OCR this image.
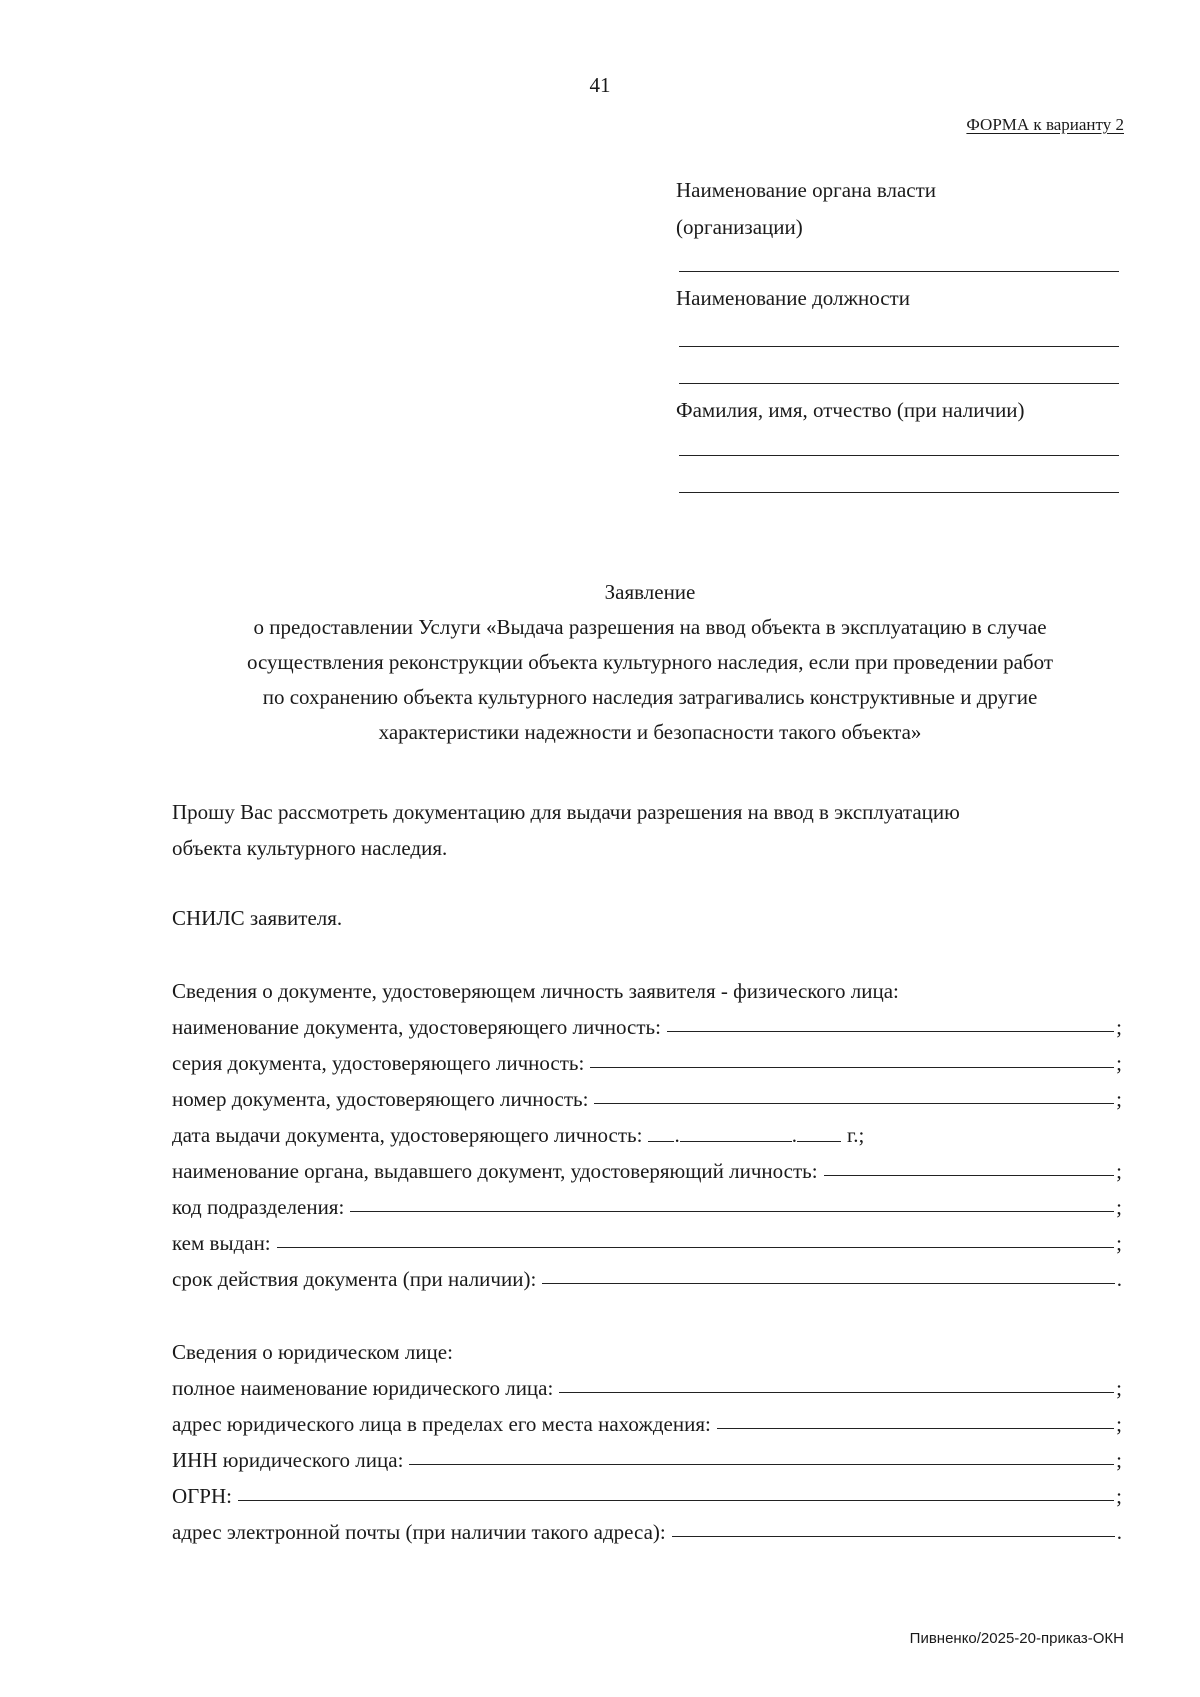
41
ФОРМА к варианту 2
Наименование органа власти
(организации)
Наименование должности
Фамилия, имя, отчество (при наличии)
Заявление
о предоставлении Услуги «Выдача разрешения на ввод объекта в эксплуатацию в случае
осуществления реконструкции объекта культурного наследия, если при проведении работ
по сохранению объекта культурного наследия затрагивались конструктивные и другие
характеристики надежности и безопасности такого объекта»
Прошу Вас рассмотреть документацию для выдачи разрешения на ввод в эксплуатацию
объекта культурного наследия.
СНИЛС заявителя.
Сведения о документе, удостоверяющем личность заявителя - физического лица:
наименование документа, удостоверяющего личность:	;
серия документа, удостоверяющего личность:	;
номер документа, удостоверяющего личность:	;
дата выдачи документа, удостоверяющего личность: .	. г.;
наименование органа, выдавшего документ, удостоверяющий личность:	;
код подразделения:	;
кем выдан:	;
срок действия документа (при наличии):	.
Сведения о юридическом лице:
полное наименование юридического лица:	;
адрес юридического лица в пределах его места нахождения:	;
ИНН юридического лица:	;
ОГРН:	;
адрес электронной почты (при наличии такого адреса):	.
Пивненко/2025-20-приказ-ОКН
